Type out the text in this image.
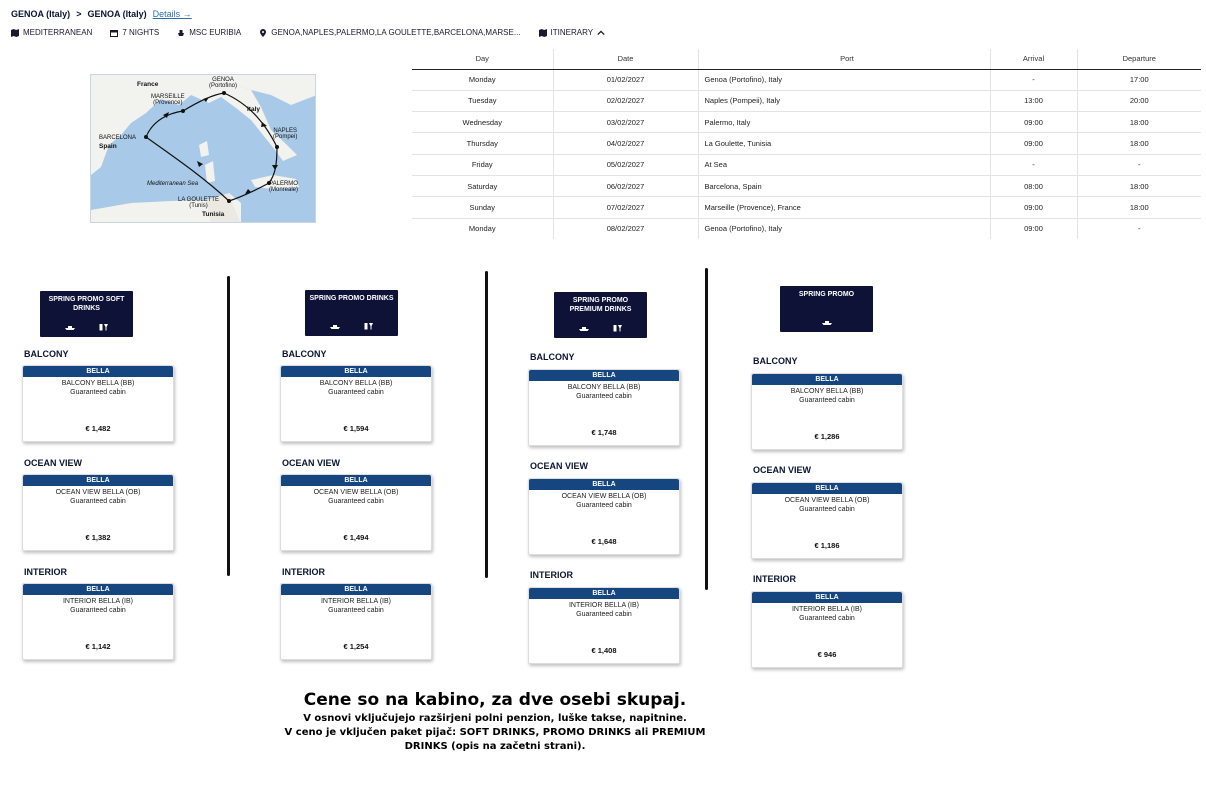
GENOA (Italy) > GENOA (Italy) Details →
MEDITERRANEAN	7 NIGHTS	MSC EURIBIA	GENOA,NAPLES,PALERMO,LA GOULETTE,BARCELONA,MARSE...	ITINERARY
France
Italy
Spain
Tunisia
Mediterranean Sea
GENOA
(Portofino)
MARSEILLE
(Provence)
BARCELONA
NAPLES
(Pompei)
PALERMO
(Monreale)
LA GOULETTE
(Tunis)
Day	Date	Port	Arrival	Departure
Monday	01/02/2027	Genoa (Portofino), Italy	-	17:00
Tuesday	02/02/2027	Naples (Pompeii), Italy	13:00	20:00
Wednesday	03/02/2027	Palermo, Italy	09:00	18:00
Thursday	04/02/2027	La Goulette, Tunisia	09:00	18:00
Friday	05/02/2027	At Sea	-	-
Saturday	06/02/2027	Barcelona, Spain	08:00	18:00
Sunday	07/02/2027	Marseille (Provence), France	09:00	18:00
Monday	08/02/2027	Genoa (Portofino), Italy	09:00	-
SPRING PROMO SOFT
DRINKS
BALCONY
BELLA
BALCONY BELLA (BB)
Guaranteed cabin
€ 1,482
OCEAN VIEW
BELLA
OCEAN VIEW BELLA (OB)
Guaranteed cabin
€ 1,382
INTERIOR
BELLA
INTERIOR BELLA (IB)
Guaranteed cabin
€ 1,142
SPRING PROMO DRINKS
BALCONY
BELLA
BALCONY BELLA (BB)
Guaranteed cabin
€ 1,594
OCEAN VIEW
BELLA
OCEAN VIEW BELLA (OB)
Guaranteed cabin
€ 1,494
INTERIOR
BELLA
INTERIOR BELLA (IB)
Guaranteed cabin
€ 1,254
SPRING PROMO
PREMIUM DRINKS
BALCONY
BELLA
BALCONY BELLA (BB)
Guaranteed cabin
€ 1,748
OCEAN VIEW
BELLA
OCEAN VIEW BELLA (OB)
Guaranteed cabin
€ 1,648
INTERIOR
BELLA
INTERIOR BELLA (IB)
Guaranteed cabin
€ 1,408
SPRING PROMO
BALCONY
BELLA
BALCONY BELLA (BB)
Guaranteed cabin
€ 1,286
OCEAN VIEW
BELLA
OCEAN VIEW BELLA (OB)
Guaranteed cabin
€ 1,186
INTERIOR
BELLA
INTERIOR BELLA (IB)
Guaranteed cabin
€ 946
Cene so na kabino, za dve osebi skupaj.
V osnovi vključujejo razširjeni polni penzion, luške takse, napitnine.
V ceno je vključen paket pijač: SOFT DRINKS, PROMO DRINKS ali PREMIUM
DRINKS (opis na začetni strani).
